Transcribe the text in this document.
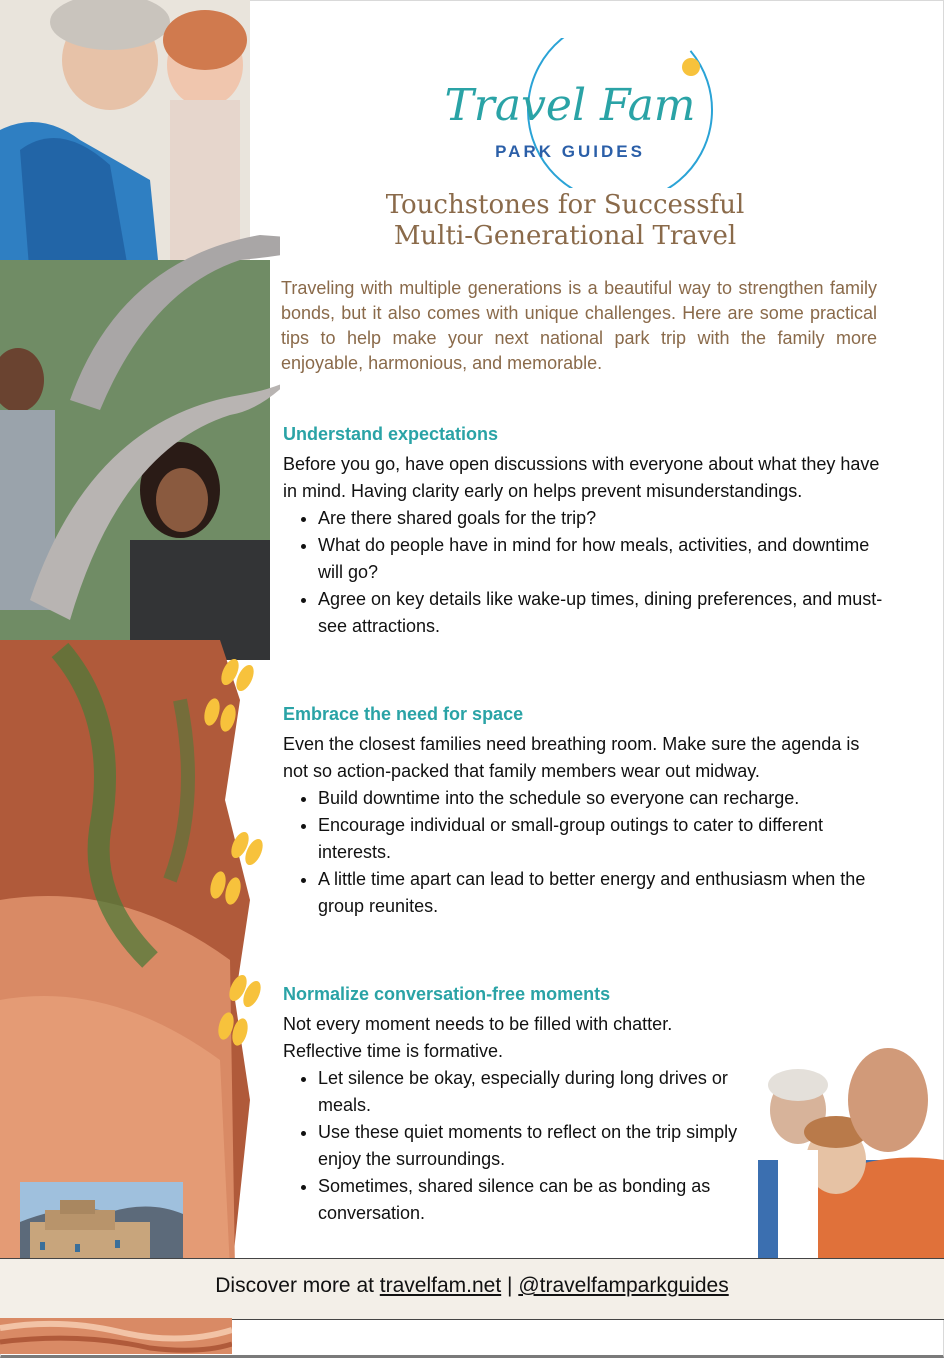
Travel Fam
PARK GUIDES
Touchstones for Successful
Multi-Generational Travel
Traveling with multiple generations is a beautiful way to strengthen family bonds, but it also comes with unique challenges. Here are some practical tips to help make your next national park trip with the family more enjoyable, harmonious, and memorable.
Understand expectations

Before you go, have open discussions with everyone about what they have in mind. Having clarity early on helps prevent misunderstandings.

• Are there shared goals for the trip?
• What do people have in mind for how meals, activities, and downtime will go?
• Agree on key details like wake-up times, dining preferences, and must-see attractions.
Embrace the need for space

Even the closest families need breathing room. Make sure the agenda is not so action-packed that family members wear out midway.

• Build downtime into the schedule so everyone can recharge.
• Encourage individual or small-group outings to cater to different interests.
• A little time apart can lead to better energy and enthusiasm when the group reunites.
Normalize conversation-free moments

Not every moment needs to be filled with chatter. Reflective time is formative.

• Let silence be okay, especially during long drives or meals.
• Use these quiet moments to reflect on the trip simply enjoy the surroundings.
• Sometimes, shared silence can be as bonding as conversation.
Discover more at travelfam.net | @travelfamparkguides
